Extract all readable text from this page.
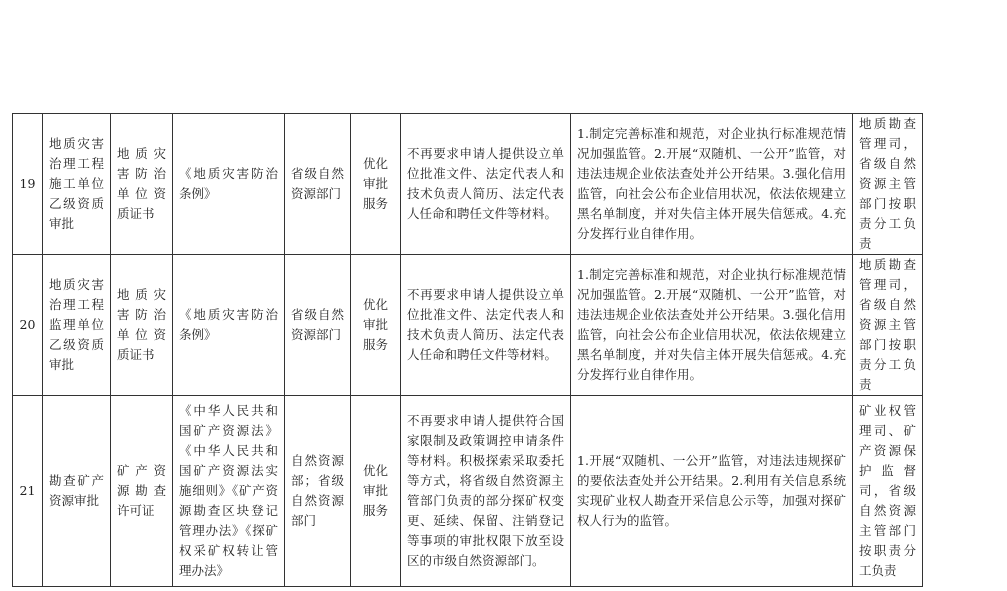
19	地质灾害治理工程施工单位乙级资质审批	地质灾害防治单位资质证书	《地质灾害防治条例》	省级自然资源部门	优化审批服务	不再要求申请人提供设立单位批准文件、法定代表人和技术负责人简历、法定代表人任命和聘任文件等材料。	1.制定完善标准和规范，对企业执行标准规范情况加强监管。2.开展“双随机、一公开”监管，对违法违规企业依法查处并公开结果。3.强化信用监管，向社会公布企业信用状况，依法依规建立黑名单制度，并对失信主体开展失信惩戒。4.充分发挥行业自律作用。	地质勘查管理司，省级自然资源主管部门按职责分工负责
20	地质灾害治理工程监理单位乙级资质审批	地质灾害防治单位资质证书	《地质灾害防治条例》	省级自然资源部门	优化审批服务	不再要求申请人提供设立单位批准文件、法定代表人和技术负责人简历、法定代表人任命和聘任文件等材料。	1.制定完善标准和规范，对企业执行标准规范情况加强监管。2.开展“双随机、一公开”监管，对违法违规企业依法查处并公开结果。3.强化信用监管，向社会公布企业信用状况，依法依规建立黑名单制度，并对失信主体开展失信惩戒。4.充分发挥行业自律作用。	地质勘查管理司，省级自然资源主管部门按职责分工负责
21	勘查矿产资源审批	矿产资源勘查许可证	《中华人民共和国矿产资源法》《中华人民共和国矿产资源法实施细则》《矿产资源勘查区块登记管理办法》《探矿权采矿权转让管理办法》	自然资源部；省级自然资源部门	优化审批服务	不再要求申请人提供符合国家限制及政策调控申请条件等材料。积极探索采取委托等方式，将省级自然资源主管部门负责的部分探矿权变更、延续、保留、注销登记等事项的审批权限下放至设区的市级自然资源部门。	1.开展“双随机、一公开”监管，对违法违规探矿的要依法查处并公开结果。2.利用有关信息系统实现矿业权人勘查开采信息公示等，加强对探矿权人行为的监管。	矿业权管理司、矿产资源保护监督司，省级自然资源主管部门按职责分工负责
